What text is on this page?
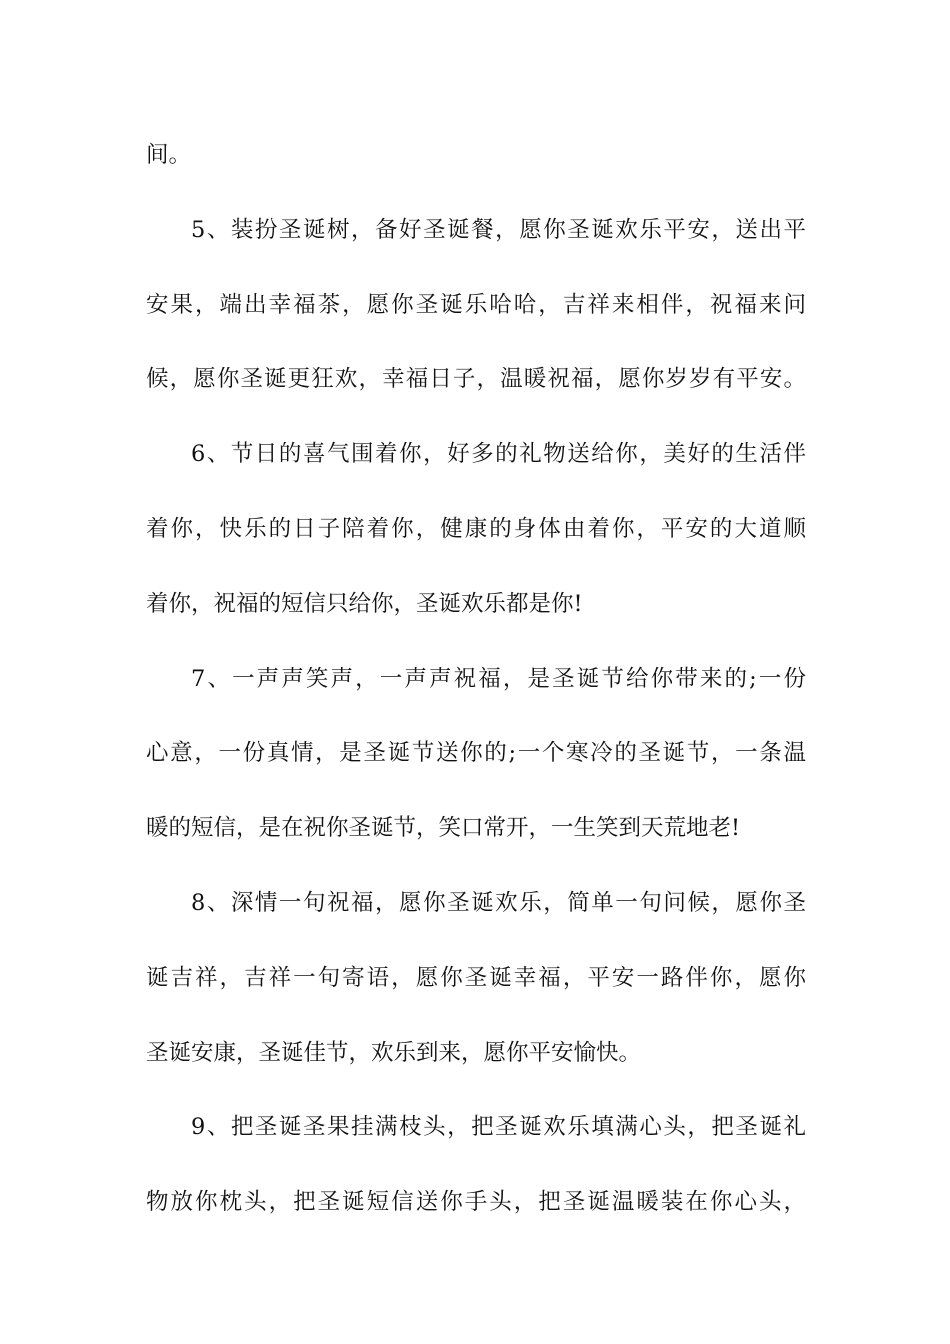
间。
5、装扮圣诞树，备好圣诞餐，愿你圣诞欢乐平安，送出平
安果，端出幸福茶，愿你圣诞乐哈哈，吉祥来相伴，祝福来问
候，愿你圣诞更狂欢，幸福日子，温暖祝福，愿你岁岁有平安。
6、节日的喜气围着你，好多的礼物送给你，美好的生活伴
着你，快乐的日子陪着你，健康的身体由着你，平安的大道顺
着你，祝福的短信只给你，圣诞欢乐都是你!
7、一声声笑声，一声声祝福，是圣诞节给你带来的;一份
心意，一份真情，是圣诞节送你的;一个寒冷的圣诞节，一条温
暖的短信，是在祝你圣诞节，笑口常开，一生笑到天荒地老!
8、深情一句祝福，愿你圣诞欢乐，简单一句问候，愿你圣
诞吉祥，吉祥一句寄语，愿你圣诞幸福，平安一路伴你，愿你
圣诞安康，圣诞佳节，欢乐到来，愿你平安愉快。
9、把圣诞圣果挂满枝头，把圣诞欢乐填满心头，把圣诞礼
物放你枕头，把圣诞短信送你手头，把圣诞温暖装在你心头，
